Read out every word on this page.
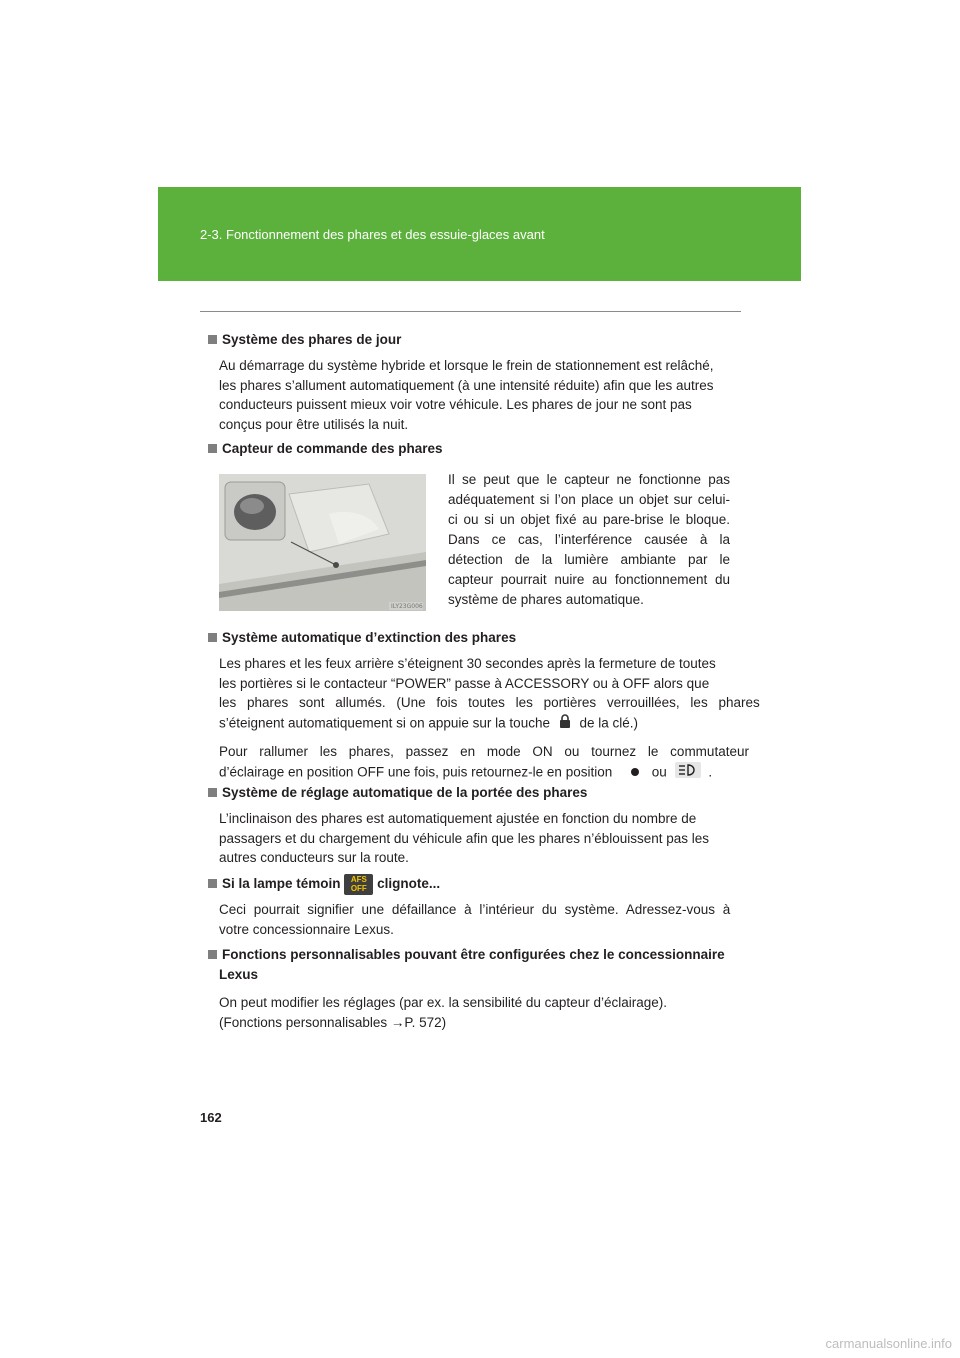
2-3. Fonctionnement des phares et des essuie-glaces avant
Système des phares de jour
Au démarrage du système hybride et lorsque le frein de stationnement est relâché,
les phares s’allument automatiquement (à une intensité réduite) afin que les autres
conducteurs puissent mieux voir votre véhicule. Les phares de jour ne sont pas
conçus pour être utilisés la nuit.
Capteur de commande des phares
ILY23G006
Il se peut que le capteur ne fonctionne pas
adéquatement si l’on place un objet sur celui-
ci ou si un objet fixé au pare-brise le bloque.
Dans ce cas, l’interférence causée à la
détection de la lumière ambiante par le
capteur pourrait nuire au fonctionnement du
système de phares automatique.
Système automatique d’extinction des phares
Les phares et les feux arrière s’éteignent 30 secondes après la fermeture de toutes
les portières si le contacteur “POWER” passe à ACCESSORY ou à OFF alors que
les phares sont allumés. (Une fois toutes les portières verrouillées, les phares
s’éteignent automatiquement si on appuie sur la touche de la clé.)
Pour rallumer les phares, passez en mode ON ou tournez le commutateur
d’éclairage en position OFF une fois, puis retournez-le en position	ou	.
Système de réglage automatique de la portée des phares
L’inclinaison des phares est automatiquement ajustée en fonction du nombre de
passagers et du chargement du véhicule afin que les phares n’éblouissent pas les
autres conducteurs sur la route.
Si la lampe témoin AFS
OFF clignote...
Ceci pourrait signifier une défaillance à l’intérieur du système. Adressez-vous à
votre concessionnaire Lexus.
Fonctions personnalisables pouvant être configurées chez le concessionnaire
Lexus
On peut modifier les réglages (par ex. la sensibilité du capteur d’éclairage).
(Fonctions personnalisables →P. 572)
162
carmanualsonline.info
